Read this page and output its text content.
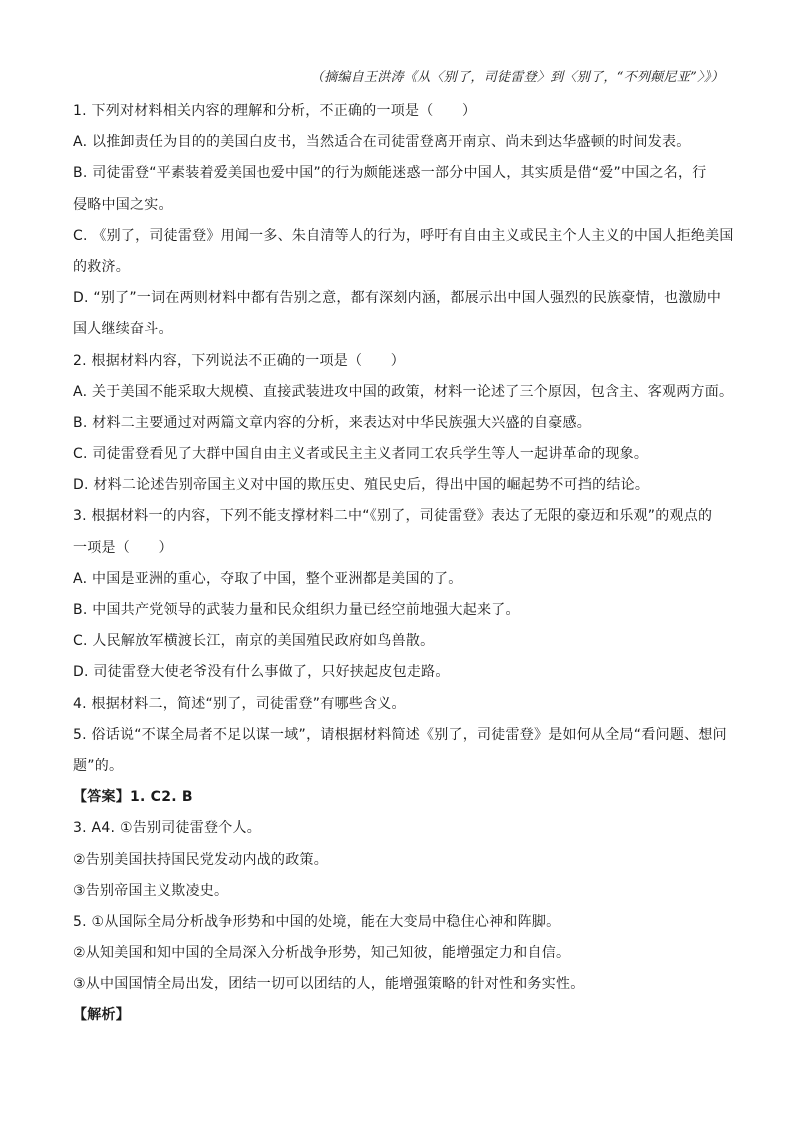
（摘编自王洪涛《从〈别了，司徒雷登〉到〈别了，“不列颠尼亚”〉》）
1. 下列对材料相关内容的理解和分析，不正确的一项是（　　）
A. 以推卸责任为目的的美国白皮书，当然适合在司徒雷登离开南京、尚未到达华盛顿的时间发表。
B. 司徒雷登“平素装着爱美国也爱中国”的行为颇能迷惑一部分中国人，其实质是借“爱”中国之名，行
侵略中国之实。
C. 《别了，司徒雷登》用闻一多、朱自清等人的行为，呼吁有自由主义或民主个人主义的中国人拒绝美国
的救济。
D. “别了”一词在两则材料中都有告别之意，都有深刻内涵，都展示出中国人强烈的民族豪情，也激励中
国人继续奋斗。
2. 根据材料内容，下列说法不正确的一项是（　　）
A. 关于美国不能采取大规模、直接武装进攻中国的政策，材料一论述了三个原因，包含主、客观两方面。
B. 材料二主要通过对两篇文章内容的分析，来表达对中华民族强大兴盛的自豪感。
C. 司徒雷登看见了大群中国自由主义者或民主主义者同工农兵学生等人一起讲革命的现象。
D. 材料二论述告别帝国主义对中国的欺压史、殖民史后，得出中国的崛起势不可挡的结论。
3. 根据材料一的内容，下列不能支撑材料二中“《别了，司徒雷登》表达了无限的豪迈和乐观”的观点的
一项是（　　）
A. 中国是亚洲的重心，夺取了中国，整个亚洲都是美国的了。
B. 中国共产党领导的武装力量和民众组织力量已经空前地强大起来了。
C. 人民解放军横渡长江，南京的美国殖民政府如鸟兽散。
D. 司徒雷登大使老爷没有什么事做了，只好挟起皮包走路。
4. 根据材料二，简述“别了，司徒雷登”有哪些含义。
5. 俗话说“不谋全局者不足以谋一域”，请根据材料简述《别了，司徒雷登》是如何从全局“看问题、想问
题”的。
【答案】1. C2. B
3. A4. ①告别司徒雷登个人。
②告别美国扶持国民党发动内战的政策。
③告别帝国主义欺凌史。
5. ①从国际全局分析战争形势和中国的处境，能在大变局中稳住心神和阵脚。
②从知美国和知中国的全局深入分析战争形势，知己知彼，能增强定力和自信。
③从中国国情全局出发，团结一切可以团结的人，能增强策略的针对性和务实性。
【解析】
